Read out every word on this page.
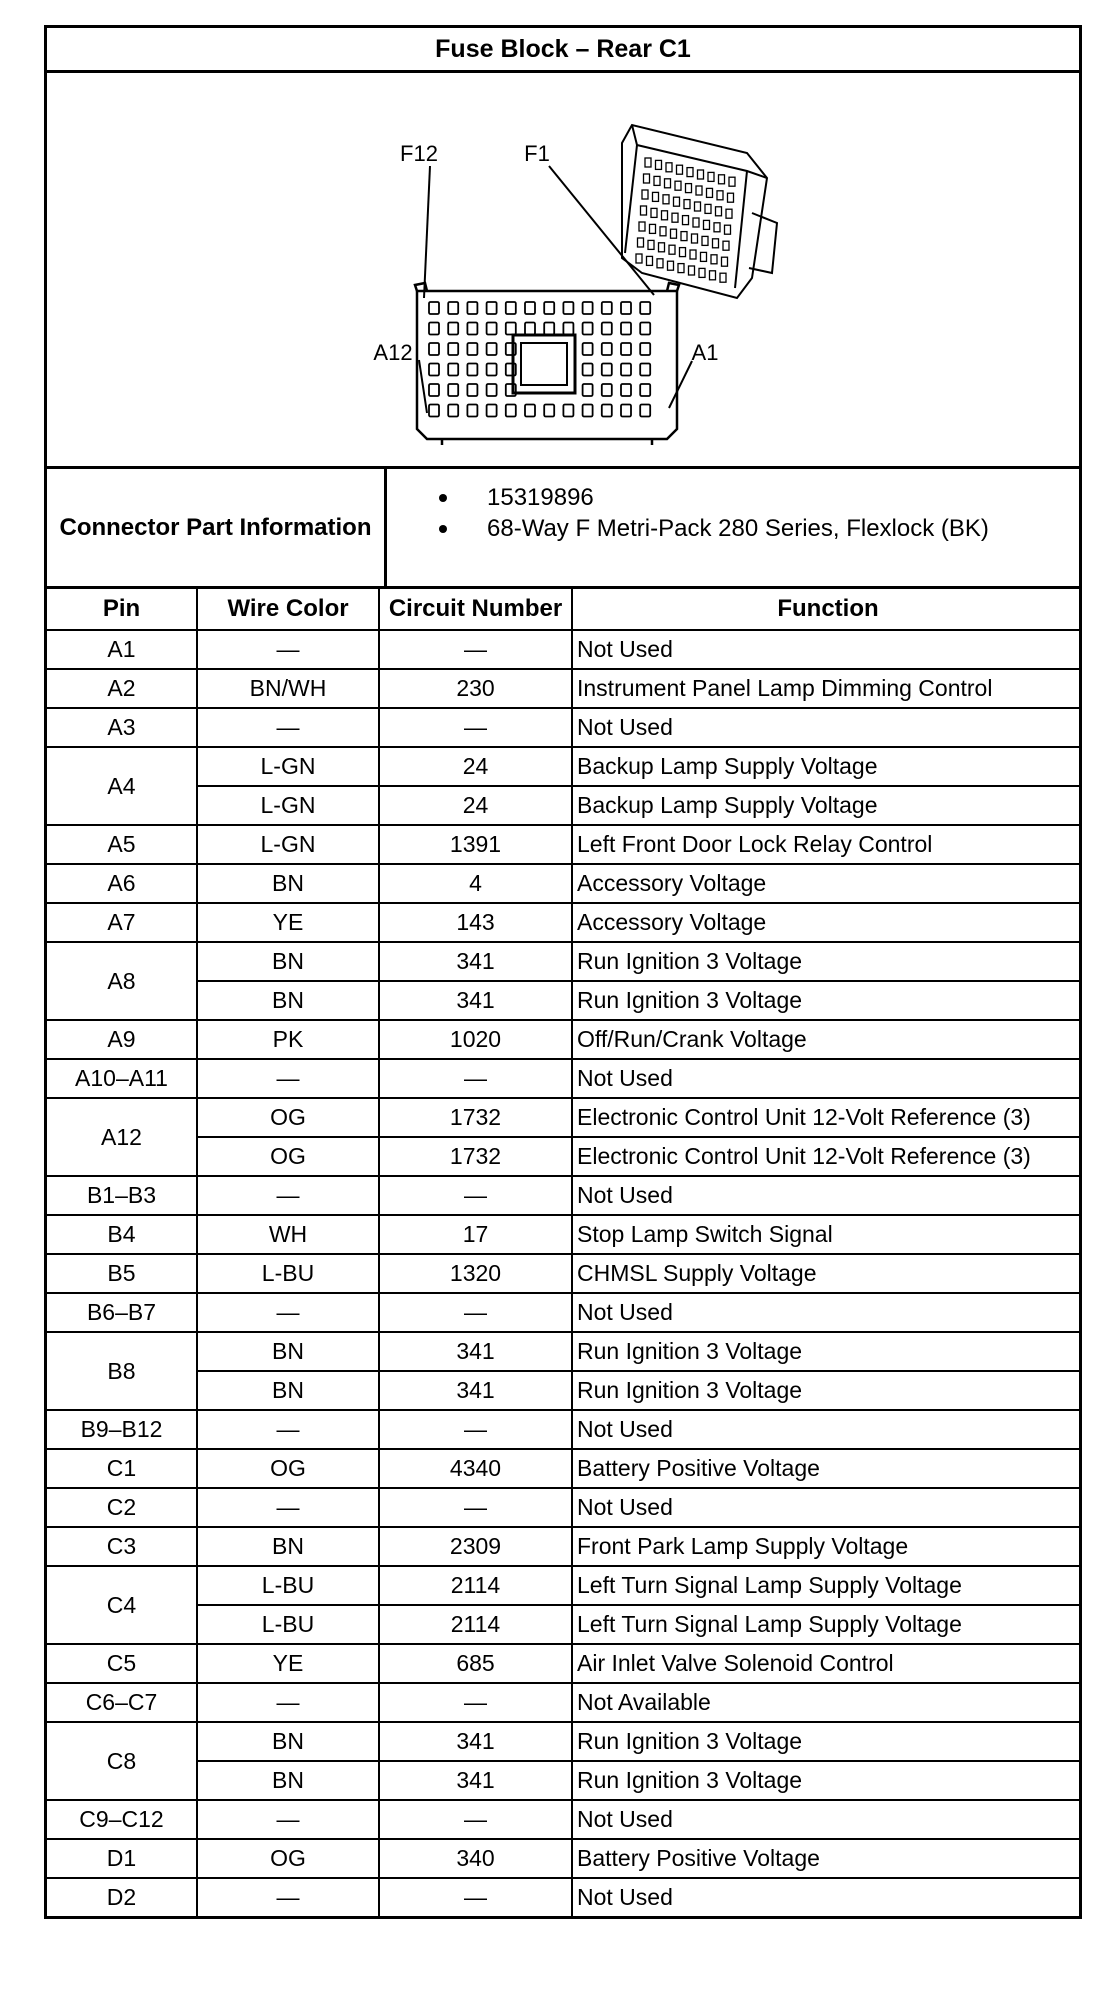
Fuse Block – Rear C1
F12	F1
A12	A1
Connector Part Information
15319896
68-Way F Metri-Pack 280 Series, Flexlock (BK)
Pin	Wire Color	Circuit Number	Function
A1	—	—	Not Used
A2	BN/WH	230	Instrument Panel Lamp Dimming Control
A3	—	—	Not Used
A4	L-GN	24	Backup Lamp Supply Voltage
	L-GN	24	Backup Lamp Supply Voltage
A5	L-GN	1391	Left Front Door Lock Relay Control
A6	BN	4	Accessory Voltage
A7	YE	143	Accessory Voltage
A8	BN	341	Run Ignition 3 Voltage
	BN	341	Run Ignition 3 Voltage
A9	PK	1020	Off/Run/Crank Voltage
A10–A11	—	—	Not Used
A12	OG	1732	Electronic Control Unit 12-Volt Reference (3)
	OG	1732	Electronic Control Unit 12-Volt Reference (3)
B1–B3	—	—	Not Used
B4	WH	17	Stop Lamp Switch Signal
B5	L-BU	1320	CHMSL Supply Voltage
B6–B7	—	—	Not Used
B8	BN	341	Run Ignition 3 Voltage
	BN	341	Run Ignition 3 Voltage
B9–B12	—	—	Not Used
C1	OG	4340	Battery Positive Voltage
C2	—	—	Not Used
C3	BN	2309	Front Park Lamp Supply Voltage
C4	L-BU	2114	Left Turn Signal Lamp Supply Voltage
	L-BU	2114	Left Turn Signal Lamp Supply Voltage
C5	YE	685	Air Inlet Valve Solenoid Control
C6–C7	—	—	Not Available
C8	BN	341	Run Ignition 3 Voltage
	BN	341	Run Ignition 3 Voltage
C9–C12	—	—	Not Used
D1	OG	340	Battery Positive Voltage
D2	—	—	Not Used
